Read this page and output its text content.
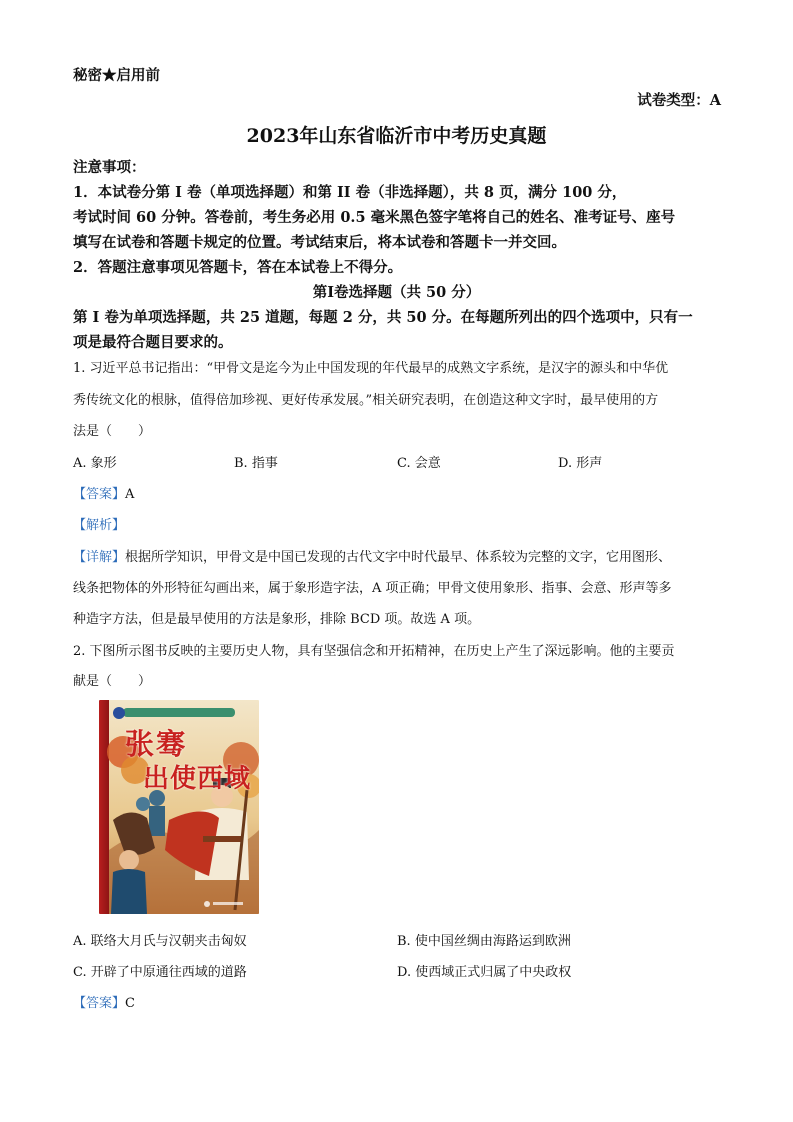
秘密★启用前
试卷类型：A
2023年山东省临沂市中考历史真题
注意事项：
1．本试卷分第 I 卷（单项选择题）和第 II 卷（非选择题），共 8 页，满分 100 分，
考试时间 60 分钟。答卷前，考生务必用 0.5 毫米黑色签字笔将自己的姓名、准考证号、座号
填写在试卷和答题卡规定的位置。考试结束后，将本试卷和答题卡一并交回。
2．答题注意事项见答题卡，答在本试卷上不得分。
第Ⅰ卷选择题（共 50 分）
第 I 卷为单项选择题，共 25 道题，每题 2 分，共 50 分。在每题所列出的四个选项中，只有一
项是最符合题目要求的。
1. 习近平总书记指出：“甲骨文是迄今为止中国发现的年代最早的成熟文字系统，是汉字的源头和中华优
秀传统文化的根脉，值得倍加珍视、更好传承发展。”相关研究表明，在创造这种文字时，最早使用的方
法是（　　）
A. 象形	B. 指事	C. 会意	D. 形声
【答案】A
【解析】
【详解】根据所学知识，甲骨文是中国已发现的古代文字中时代最早、体系较为完整的文字，它用图形、
线条把物体的外形特征勾画出来，属于象形造字法，A 项正确；甲骨文使用象形、指事、会意、形声等多
种造字方法，但是最早使用的方法是象形，排除 BCD 项。故选 A 项。
2. 下图所示图书反映的主要历史人物，具有坚强信念和开拓精神，在历史上产生了深远影响。他的主要贡
献是（　　）
张骞
出使西域
A. 联络大月氏与汉朝夹击匈奴	B. 使中国丝绸由海路运到欧洲
C. 开辟了中原通往西域的道路	D. 使西域正式归属了中央政权
【答案】C
